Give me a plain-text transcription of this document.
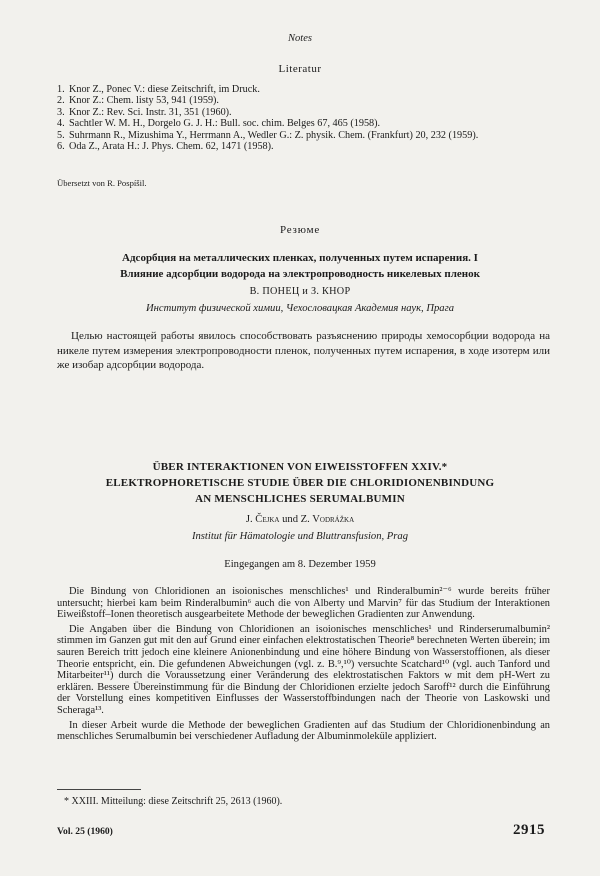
Notes
Literatur
1. Knor Z., Ponec V.: diese Zeitschrift, im Druck.
2. Knor Z.: Chem. listy 53, 941 (1959).
3. Knor Z.: Rev. Sci. Instr. 31, 351 (1960).
4. Sachtler W. M. H., Dorgelo G. J. H.: Bull. soc. chim. Belges 67, 465 (1958).
5. Suhrmann R., Mizushima Y., Herrmann A., Wedler G.: Z. physik. Chem. (Frankfurt) 20, 232 (1959).
6. Oda Z., Arata H.: J. Phys. Chem. 62, 1471 (1958).
Übersetzt von R. Pospíšil.
Резюме
Адсорбция на металлических пленках, полученных путем испарения. I
Влияние адсорбции водорода на электропроводность никелевых пленок
В. ПОНЕЦ и З. КНОР
Институт физической химии, Чехословацкая Академия наук, Прага

Целью настоящей работы явилось способствовать разъяснению природы хемосорбции водорода на никеле путем измерения электропроводности пленок, полученных путем испарения, в ходе изотерм или же изобар адсорбции водорода.

ÜBER INTERAKTIONEN VON EIWEISSTOFFEN XXIV.*
ELEKTROPHORETISCHE STUDIE ÜBER DIE CHLORIDIONENBINDUNG
AN MENSCHLICHES SERUMALBUMIN
J. Čejka und Z. Vodrážka
Institut für Hämatologie und Bluttransfusion, Prag
Eingegangen am 8. Dezember 1959

Die Bindung von Chloridionen an isoionisches menschliches¹ und Rinderalbumin²⁻⁶ wurde bereits früher untersucht; hierbei kam beim Rinderalbumin⁶ auch die von Alberty und Marvin⁷ für das Studium der Interaktionen Eiweißstoff–Ionen theoretisch ausgearbeitete Methode der beweglichen Gradienten zur Anwendung.

Die Angaben über die Bindung von Chloridionen an isoionisches menschliches¹ und Rinderserumalbumin² stimmen im Ganzen gut mit den auf Grund einer einfachen elektrostatischen Theorie⁸ berechneten Werten überein; im sauren Bereich tritt jedoch eine kleinere Anionenbindung und eine höhere Bindung von Wasserstoffionen, als dieser Theorie entspricht, ein. Die gefundenen Abweichungen (vgl. z. B.⁹,¹⁰) versuchte Scatchard¹⁰ (vgl. auch Tanford und Mitarbeiter¹¹) durch die Voraussetzung einer Veränderung des elektrostatischen Faktors w mit dem pH-Wert zu erklären. Bessere Übereinstimmung für die Bindung der Chloridionen erzielte jedoch Saroff¹² durch die Einführung der Vorstellung eines kompetitiven Einflusses der Wasserstoffbindungen nach der Theorie von Laskowski und Scheraga¹³.

In dieser Arbeit wurde die Methode der beweglichen Gradienten auf das Studium der Chloridionenbindung an menschliches Serumalbumin bei verschiedener Aufladung der Albuminmoleküle appliziert.

* XXIII. Mitteilung: diese Zeitschrift 25, 2613 (1960).
Vol. 25 (1960)	2915
